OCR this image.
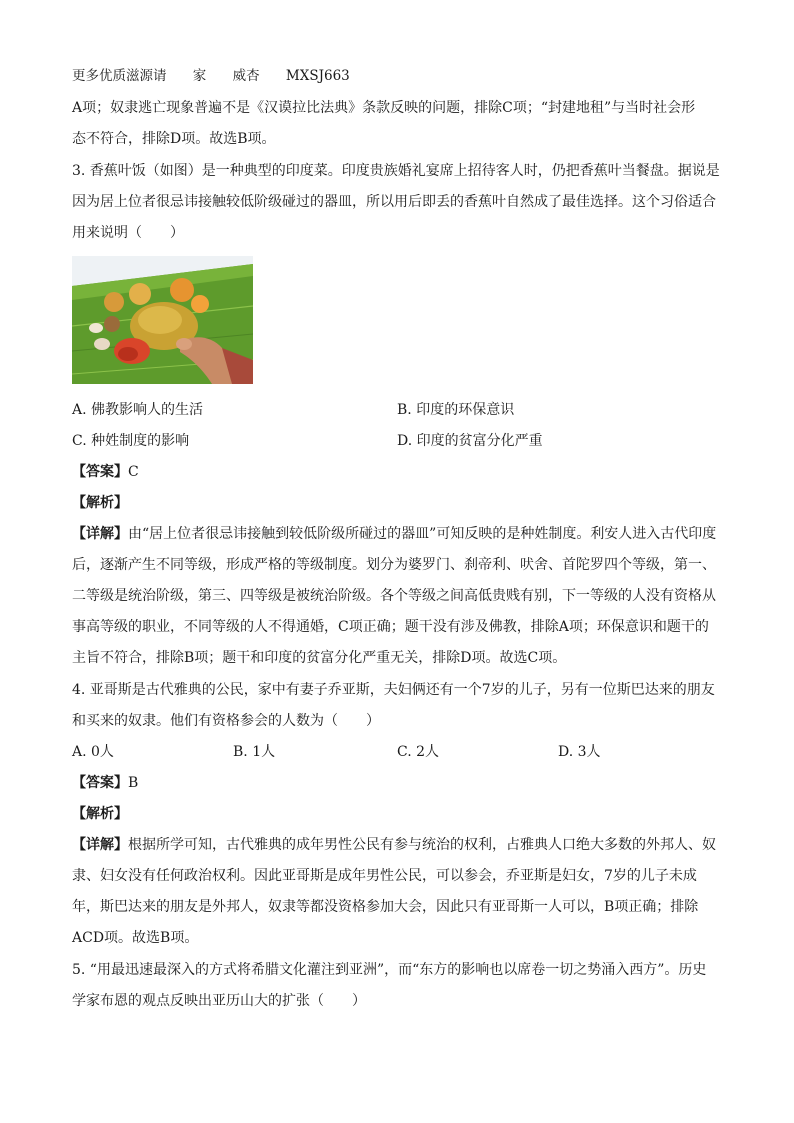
更多优质滋源请 家 威杏 MXSJ663
A项；奴隶逃亡现象普遍不是《汉谟拉比法典》条款反映的问题，排除C项；“封建地租”与当时社会形
态不符合，排除D项。故选B项。
3. 香蕉叶饭（如图）是一种典型的印度菜。印度贵族婚礼宴席上招待客人时，仍把香蕉叶当餐盘。据说是
因为居上位者很忌讳接触较低阶级碰过的器皿，所以用后即丢的香蕉叶自然成了最佳选择。这个习俗适合
用来说明（　　）
A. 佛教影响人的生活	B. 印度的环保意识
C. 种姓制度的影响	D. 印度的贫富分化严重
【答案】C
【解析】
【详解】由“居上位者很忌讳接触到较低阶级所碰过的器皿”可知反映的是种姓制度。利安人进入古代印度
后，逐渐产生不同等级，形成严格的等级制度。划分为婆罗门、刹帝利、吠舍、首陀罗四个等级，第一、
二等级是统治阶级，第三、四等级是被统治阶级。各个等级之间高低贵贱有别，下一等级的人没有资格从
事高等级的职业，不同等级的人不得通婚，C项正确；题干没有涉及佛教，排除A项；环保意识和题干的
主旨不符合，排除B项；题干和印度的贫富分化严重无关，排除D项。故选C项。
4. 亚哥斯是古代雅典的公民，家中有妻子乔亚斯，夫妇俩还有一个7岁的儿子，另有一位斯巴达来的朋友
和买来的奴隶。他们有资格参会的人数为（　　）
A. 0人	B. 1人	C. 2人	D. 3人
【答案】B
【解析】
【详解】根据所学可知，古代雅典的成年男性公民有参与统治的权利，占雅典人口绝大多数的外邦人、奴
隶、妇女没有任何政治权利。因此亚哥斯是成年男性公民，可以参会，乔亚斯是妇女，7岁的儿子未成
年，斯巴达来的朋友是外邦人，奴隶等都没资格参加大会，因此只有亚哥斯一人可以，B项正确；排除
ACD项。故选B项。
5. “用最迅速最深入的方式将希腊文化灌注到亚洲”，而“东方的影响也以席卷一切之势涌入西方”。历史
学家布恩的观点反映出亚历山大的扩张（　　）
